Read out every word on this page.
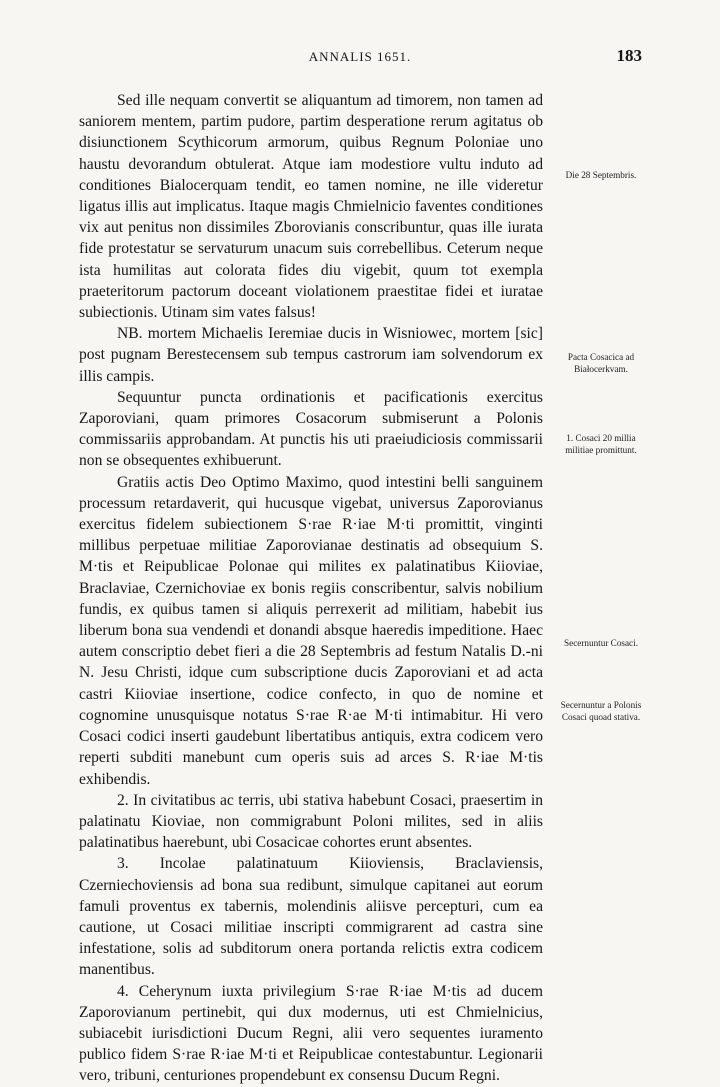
ANNALIS 1651.	183

Sed ille nequam convertit se aliquantum ad timorem, non tamen ad saniorem mentem, partim pudore, partim desperatione rerum agitatus ob disiunctionem Scythicorum armorum, quibus Regnum Poloniae uno haustu devorandum obtulerat. Atque iam modestiore vultu induto ad conditiones Bialocerquam tendit, eo tamen nomine, ne ille videretur ligatus illis aut implicatus. Itaque magis Chmielnicio faventes conditiones vix aut penitus non dissimiles Zborovianis conscribuntur, quas ille iurata fide protestatur se servaturum unacum suis correbellibus. Ceterum neque ista humilitas aut colorata fides diu vigebit, quum tot exempla praeteritorum pactorum doceant violationem praestitae fidei et iuratae subiectionis. Utinam sim vates falsus!

NB. mortem Michaelis Ieremiae ducis in Wisniowec, mortem [sic] post pugnam Berestecensem sub tempus castrorum iam solvendorum ex illis campis.

Sequuntur puncta ordinationis et pacificationis exercitus Zaporoviani, quam primores Cosacorum submiserunt a Polonis commissariis approbandam. At punctis his uti praeiudiciosis commissarii non se obsequentes exhibuerunt.

Gratiis actis Deo Optimo Maximo, quod intestini belli sanguinem processum retardaverit, qui hucusque vigebat, universus Zaporovianus exercitus fidelem subiectionem S·rae R·iae M·ti promittit, vinginti millibus perpetuae militiae Zaporovianae destinatis ad obsequium S. M·tis et Reipublicae Polonae qui milites ex palatinatibus Kiioviae, Braclaviae, Czernichoviae ex bonis regiis conscribentur, salvis nobilium fundis, ex quibus tamen si aliquis perrexerit ad militiam, habebit ius liberum bona sua vendendi et donandi absque haeredis impeditione. Haec autem conscriptio debet fieri a die 28 Septembris ad festum Natalis D.-ni N. Jesu Christi, idque cum subscriptione ducis Zaporoviani et ad acta castri Kiioviae insertione, codice confecto, in quo de nomine et cognomine unusquisque notatus S·rae R·ae M·ti intimabitur. Hi vero Cosaci codici inserti gaudebunt libertatibus antiquis, extra codicem vero reperti subditi manebunt cum operis suis ad arces S. R·iae M·tis exhibendis.

2. In civitatibus ac terris, ubi stativa habebunt Cosaci, praesertim in palatinatu Kioviae, non commigrabunt Poloni milites, sed in aliis palatinatibus haerebunt, ubi Cosacicae cohortes erunt absentes.

3. Incolae palatinatuum Kiioviensis, Braclaviensis, Czerniechoviensis ad bona sua redibunt, simulque capitanei aut eorum famuli proventus ex tabernis, molendinis aliisve percepturi, cum ea cautione, ut Cosaci militiae inscripti commigrarent ad castra sine infestatione, solis ad subditorum onera portanda relictis extra codicem manentibus.

4. Ceherynum iuxta privilegium S·rae R·iae M·tis ad ducem Zaporovianum pertinebit, qui dux modernus, uti est Chmielnicius, subiacebit iurisdictioni Ducum Regni, alii vero sequentes iuramento publico fidem S·rae R·iae M·ti et Reipublicae contestabuntur. Legionarii vero, tribuni, centuriones propendebunt ex consensu Ducum Regni.

Die 28 Septembris.
Pacta Cosacica ad Białocerkvam.
1. Cosaci 20 millia militiae promittunt.
Secernuntur Cosaci.
Secernuntur a Polonis Cosaci quoad stativa.
